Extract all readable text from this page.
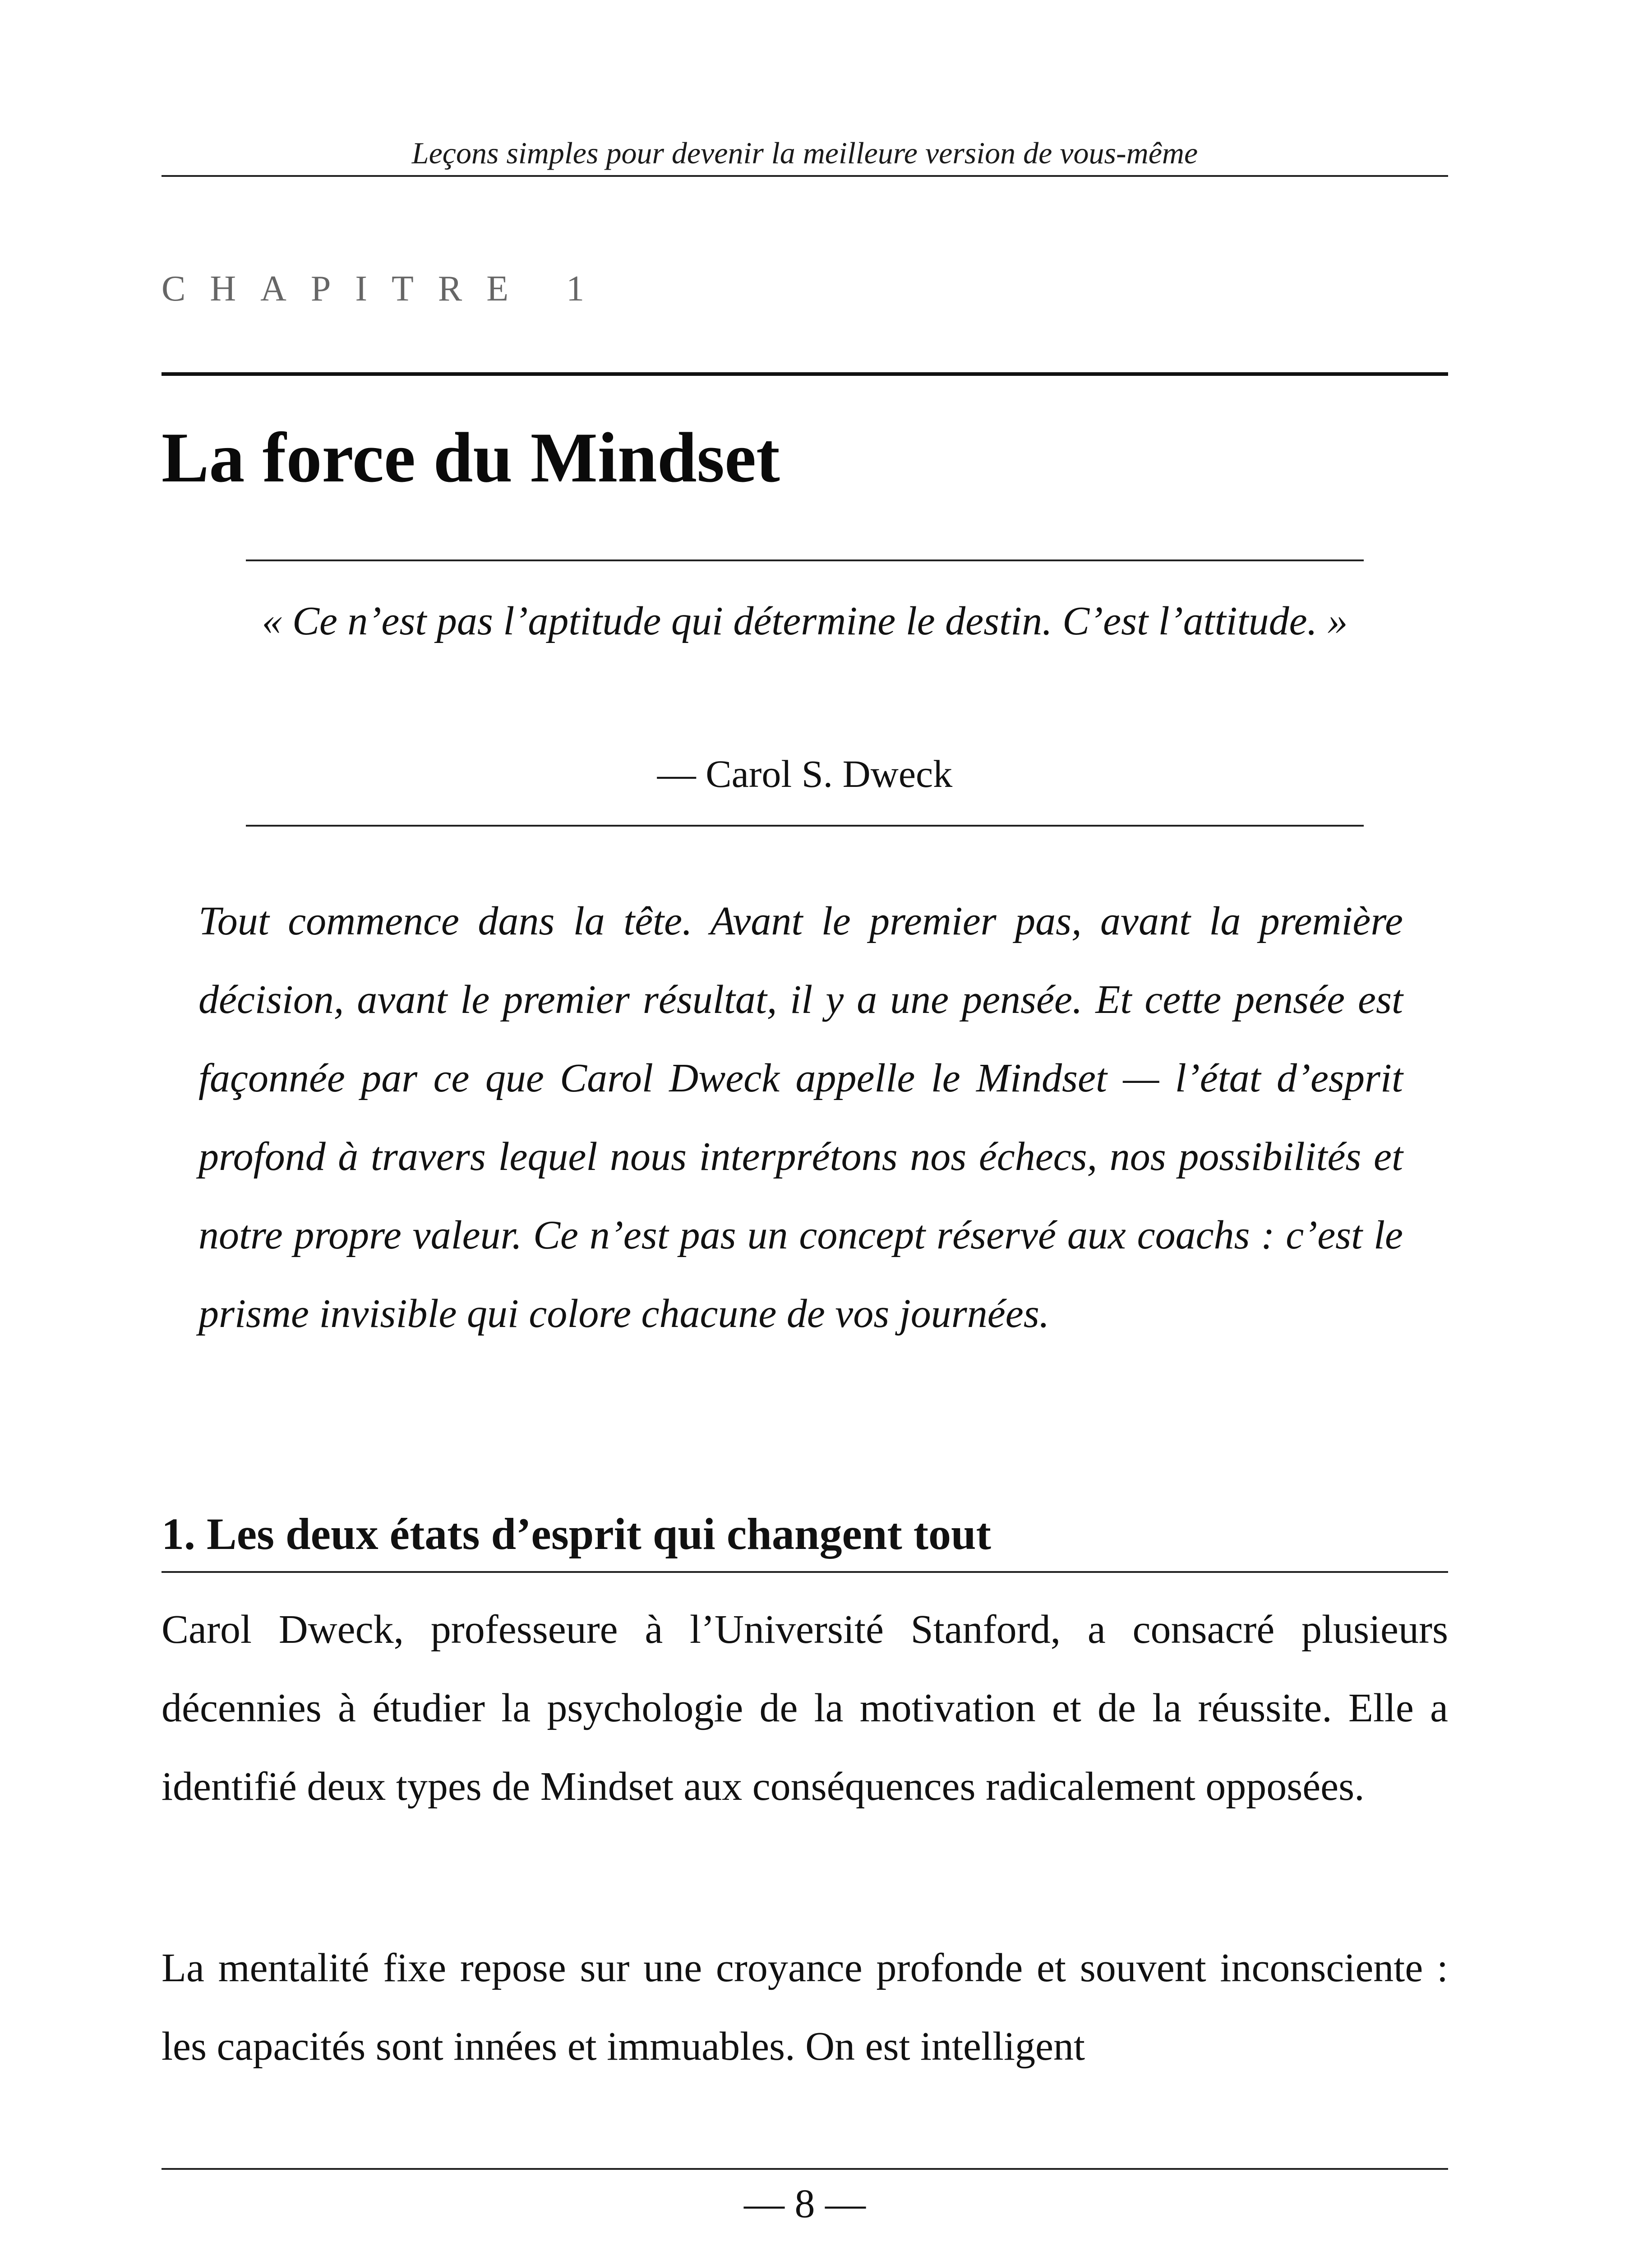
Leçons simples pour devenir la meilleure version de vous-même
CHAPITRE 1
La force du Mindset
« Ce n’est pas l’aptitude qui détermine le destin. C’est l’attitude. »
— Carol S. Dweck

Tout commence dans la tête. Avant le premier pas, avant la première décision, avant le premier résultat, il y a une pensée. Et cette pensée est façonnée par ce que Carol Dweck appelle le Mindset — l’état d’esprit profond à travers lequel nous interprétons nos échecs, nos possibilités et notre propre valeur. Ce n’est pas un concept réservé aux coachs : c’est le prisme invisible qui colore chacune de vos journées.

1. Les deux états d’esprit qui changent tout

Carol Dweck, professeure à l’Université Stanford, a consacré plusieurs décennies à étudier la psychologie de la motivation et de la réussite. Elle a identifié deux types de Mindset aux conséquences radicalement opposées.

La mentalité fixe repose sur une croyance profonde et souvent inconsciente : les capacités sont innées et immuables. On est intelligent

— 8 —
